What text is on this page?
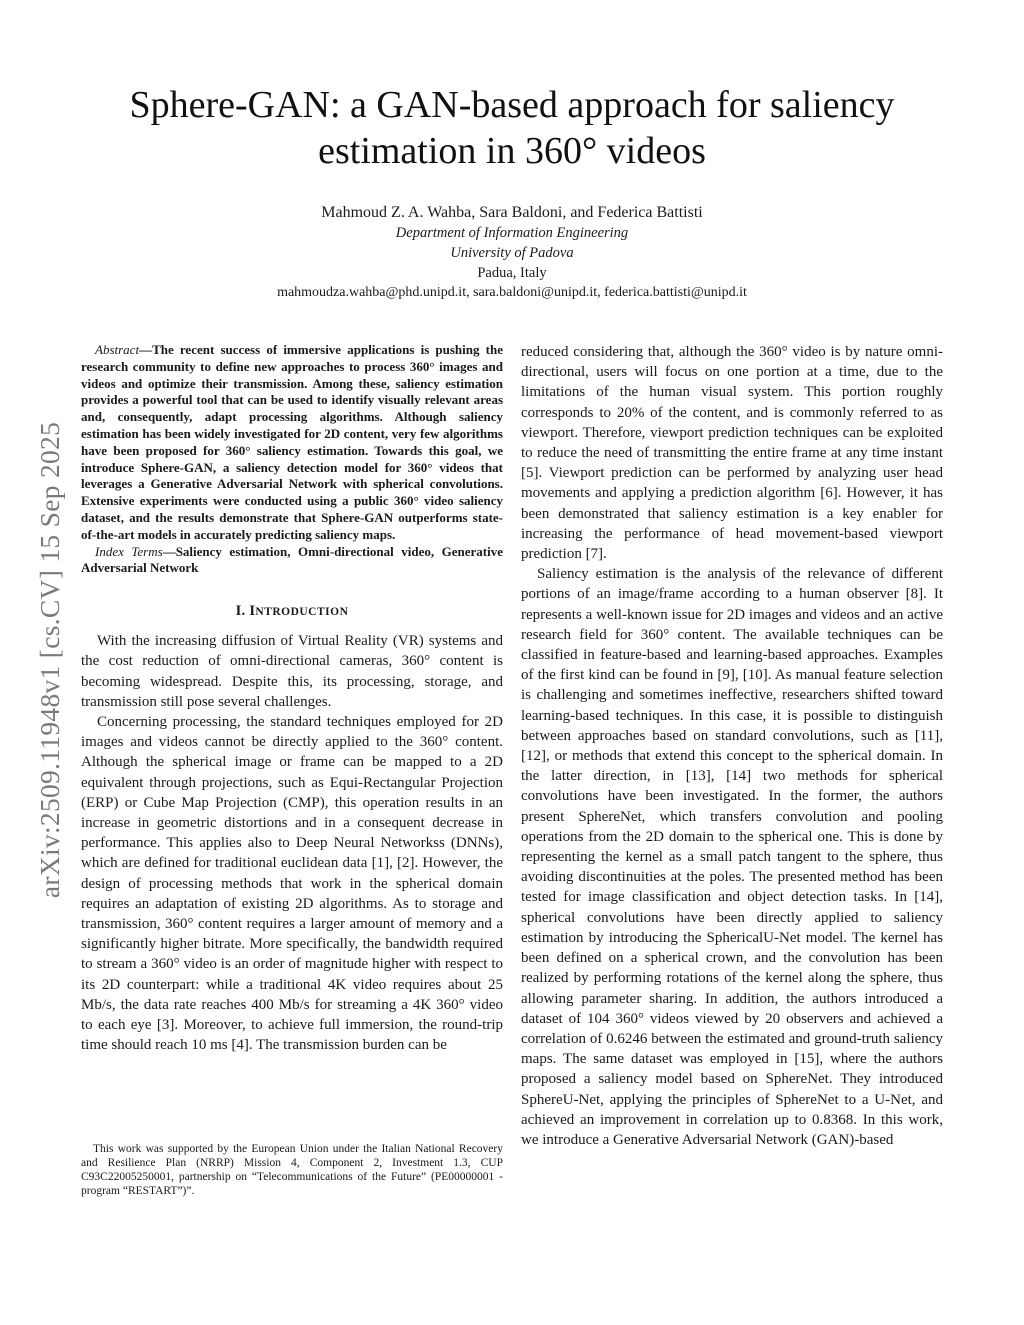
arXiv:2509.11948v1 [cs.CV] 15 Sep 2025
Sphere-GAN: a GAN-based approach for saliency estimation in 360° videos
Mahmoud Z. A. Wahba, Sara Baldoni, and Federica Battisti
Department of Information Engineering
University of Padova
Padua, Italy
mahmoudza.wahba@phd.unipd.it, sara.baldoni@unipd.it, federica.battisti@unipd.it

Abstract—The recent success of immersive applications is pushing the research community to define new approaches to process 360° images and videos and optimize their transmission. Among these, saliency estimation provides a powerful tool that can be used to identify visually relevant areas and, consequently, adapt processing algorithms. Although saliency estimation has been widely investigated for 2D content, very few algorithms have been proposed for 360° saliency estimation. Towards this goal, we introduce Sphere-GAN, a saliency detection model for 360° videos that leverages a Generative Adversarial Network with spherical convolutions. Extensive experiments were conducted using a public 360° video saliency dataset, and the results demonstrate that Sphere-GAN outperforms state-of-the-art models in accurately predicting saliency maps.

Index Terms—Saliency estimation, Omni-directional video, Generative Adversarial Network

I. INTRODUCTION

With the increasing diffusion of Virtual Reality (VR) systems and the cost reduction of omni-directional cameras, 360° content is becoming widespread. Despite this, its processing, storage, and transmission still pose several challenges.

Concerning processing, the standard techniques employed for 2D images and videos cannot be directly applied to the 360° content. Although the spherical image or frame can be mapped to a 2D equivalent through projections, such as Equi-Rectangular Projection (ERP) or Cube Map Projection (CMP), this operation results in an increase in geometric distortions and in a consequent decrease in performance. This applies also to Deep Neural Networkss (DNNs), which are defined for traditional euclidean data [1], [2]. However, the design of processing methods that work in the spherical domain requires an adaptation of existing 2D algorithms. As to storage and transmission, 360° content requires a larger amount of memory and a significantly higher bitrate. More specifically, the bandwidth required to stream a 360° video is an order of magnitude higher with respect to its 2D counterpart: while a traditional 4K video requires about 25 Mb/s, the data rate reaches 400 Mb/s for streaming a 4K 360° video to each eye [3]. Moreover, to achieve full immersion, the round-trip time should reach 10 ms [4]. The transmission burden can be

This work was supported by the European Union under the Italian National Recovery and Resilience Plan (NRRP) Mission 4, Component 2, Investment 1.3, CUP C93C22005250001, partnership on “Telecommunications of the Future” (PE00000001 - program “RESTART”)”.

reduced considering that, although the 360° video is by nature omni-directional, users will focus on one portion at a time, due to the limitations of the human visual system. This portion roughly corresponds to 20% of the content, and is commonly referred to as viewport. Therefore, viewport prediction techniques can be exploited to reduce the need of transmitting the entire frame at any time instant [5]. Viewport prediction can be performed by analyzing user head movements and applying a prediction algorithm [6]. However, it has been demonstrated that saliency estimation is a key enabler for increasing the performance of head movement-based viewport prediction [7].

Saliency estimation is the analysis of the relevance of different portions of an image/frame according to a human observer [8]. It represents a well-known issue for 2D images and videos and an active research field for 360° content. The available techniques can be classified in feature-based and learning-based approaches. Examples of the first kind can be found in [9], [10]. As manual feature selection is challenging and sometimes ineffective, researchers shifted toward learning-based techniques. In this case, it is possible to distinguish between approaches based on standard convolutions, such as [11], [12], or methods that extend this concept to the spherical domain. In the latter direction, in [13], [14] two methods for spherical convolutions have been investigated. In the former, the authors present SphereNet, which transfers convolution and pooling operations from the 2D domain to the spherical one. This is done by representing the kernel as a small patch tangent to the sphere, thus avoiding discontinuities at the poles. The presented method has been tested for image classification and object detection tasks. In [14], spherical convolutions have been directly applied to saliency estimation by introducing the SphericalU-Net model. The kernel has been defined on a spherical crown, and the convolution has been realized by performing rotations of the kernel along the sphere, thus allowing parameter sharing. In addition, the authors introduced a dataset of 104 360° videos viewed by 20 observers and achieved a correlation of 0.6246 between the estimated and ground-truth saliency maps. The same dataset was employed in [15], where the authors proposed a saliency model based on SphereNet. They introduced SphereU-Net, applying the principles of SphereNet to a U-Net, and achieved an improvement in correlation up to 0.8368. In this work, we introduce a Generative Adversarial Network (GAN)-based
